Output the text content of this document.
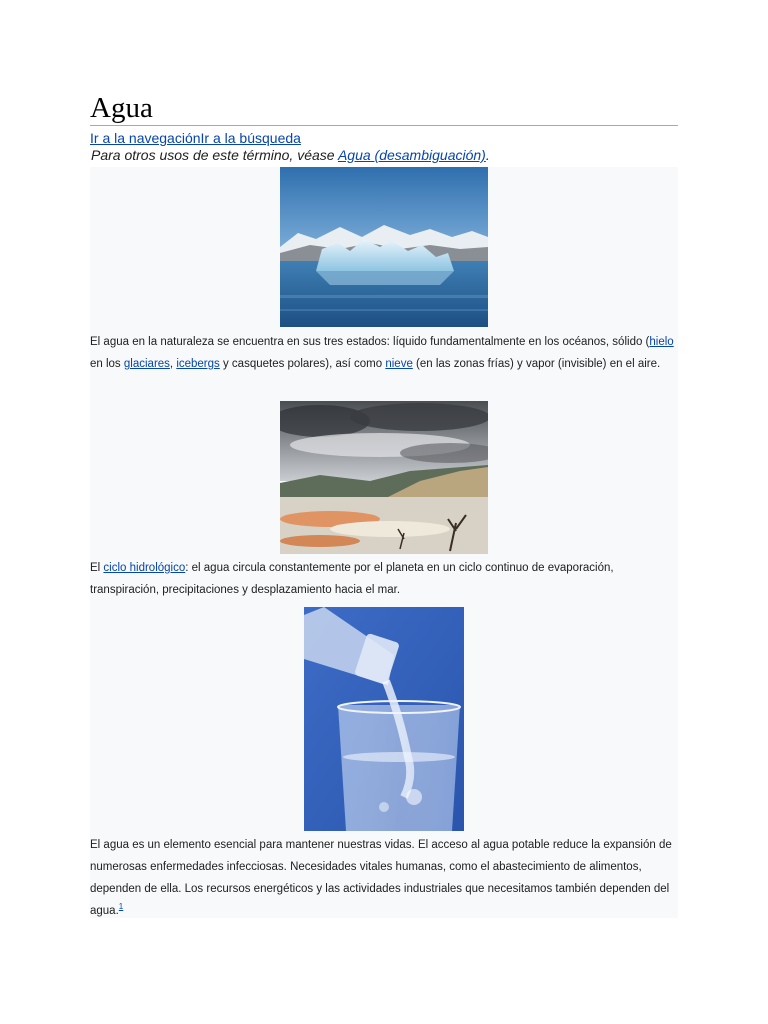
Agua
Ir a la navegaciónIr a la búsqueda
Para otros usos de este término, véase Agua (desambiguación).
El agua en la naturaleza se encuentra en sus tres estados: líquido fundamentalmente en los océanos, sólido (hielo en los glaciares, icebergs y casquetes polares), así como nieve (en las zonas frías) y vapor (invisible) en el aire.
El ciclo hidrológico: el agua circula constantemente por el planeta en un ciclo continuo de evaporación, transpiración, precipitaciones y desplazamiento hacia el mar.
El agua es un elemento esencial para mantener nuestras vidas. El acceso al agua potable reduce la expansión de numerosas enfermedades infecciosas. Necesidades vitales humanas, como el abastecimiento de alimentos, dependen de ella. Los recursos energéticos y las actividades industriales que necesitamos también dependen del agua.$^1$
